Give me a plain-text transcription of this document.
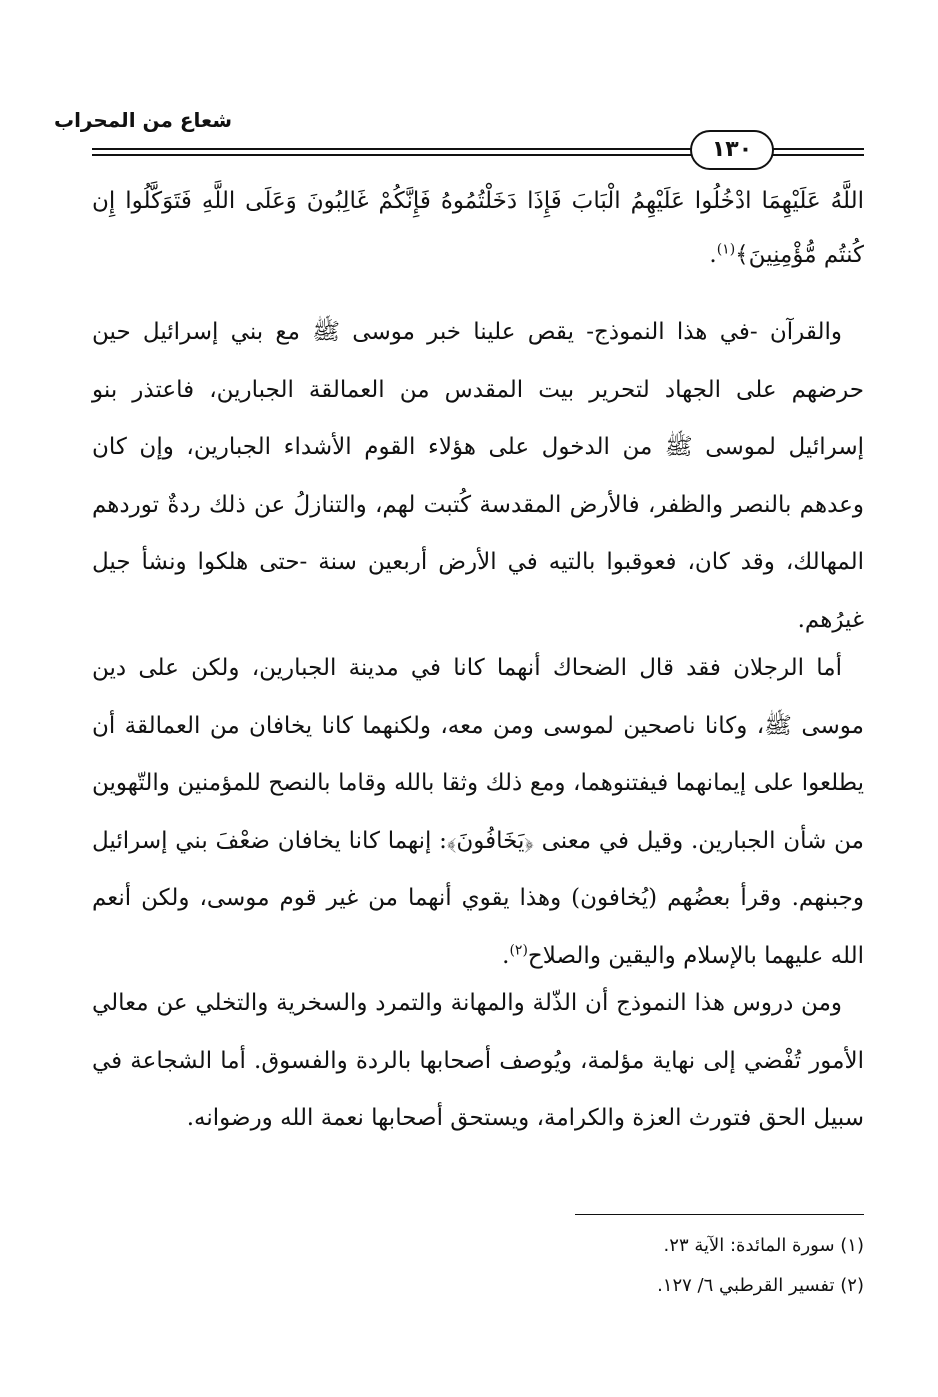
شعاع من المحراب
١٣٠
اللَّهُ عَلَيْهِمَا ادْخُلُوا عَلَيْهِمُ الْبَابَ فَإِذَا دَخَلْتُمُوهُ فَإِنَّكُمْ غَالِبُونَ وَعَلَى اللَّهِ فَتَوَكَّلُوا إِن كُنتُم مُّؤْمِنِينَ﴾$^{(١)}$.
والقرآن -في هذا النموذج- يقص علينا خبر موسى ﷺ مع بني إسرائيل حين حرضهم على الجهاد لتحرير بيت المقدس من العمالقة الجبارين، فاعتذر بنو إسرائيل لموسى ﷺ من الدخول على هؤلاء القوم الأشداء الجبارين، وإن كان وعدهم بالنصر والظفر، فالأرض المقدسة كُتبت لهم، والتنازلُ عن ذلك ردةٌ توردهم المهالك، وقد كان، فعوقبوا بالتيه في الأرض أربعين سنة -حتى هلكوا ونشأ جيل غيرُهم.
أما الرجلان فقد قال الضحاك أنهما كانا في مدينة الجبارين، ولكن على دين موسى ﷺ، وكانا ناصحين لموسى ومن معه، ولكنهما كانا يخافان من العمالقة أن يطلعوا على إيمانهما فيفتنوهما، ومع ذلك وثقا بالله وقاما بالنصح للمؤمنين والتّهوين من شأن الجبارين. وقيل في معنى ﴿يَخَافُونَ﴾: إنهما كانا يخافان ضعْفَ بني إسرائيل وجبنهم. وقرأ بعضُهم (يُخافون) وهذا يقوي أنهما من غير قوم موسى، ولكن أنعم الله عليهما بالإسلام واليقين والصلاح$^{(٢)}$.
ومن دروس هذا النموذج أن الذّلة والمهانة والتمرد والسخرية والتخلي عن معالي الأمور تُفْضي إلى نهاية مؤلمة، ويُوصف أصحابها بالردة والفسوق. أما الشجاعة في سبيل الحق فتورث العزة والكرامة، ويستحق أصحابها نعمة الله ورضوانه.
(١) سورة المائدة: الآية ٢٣.
(٢) تفسير القرطبي ٦/ ١٢٧.
